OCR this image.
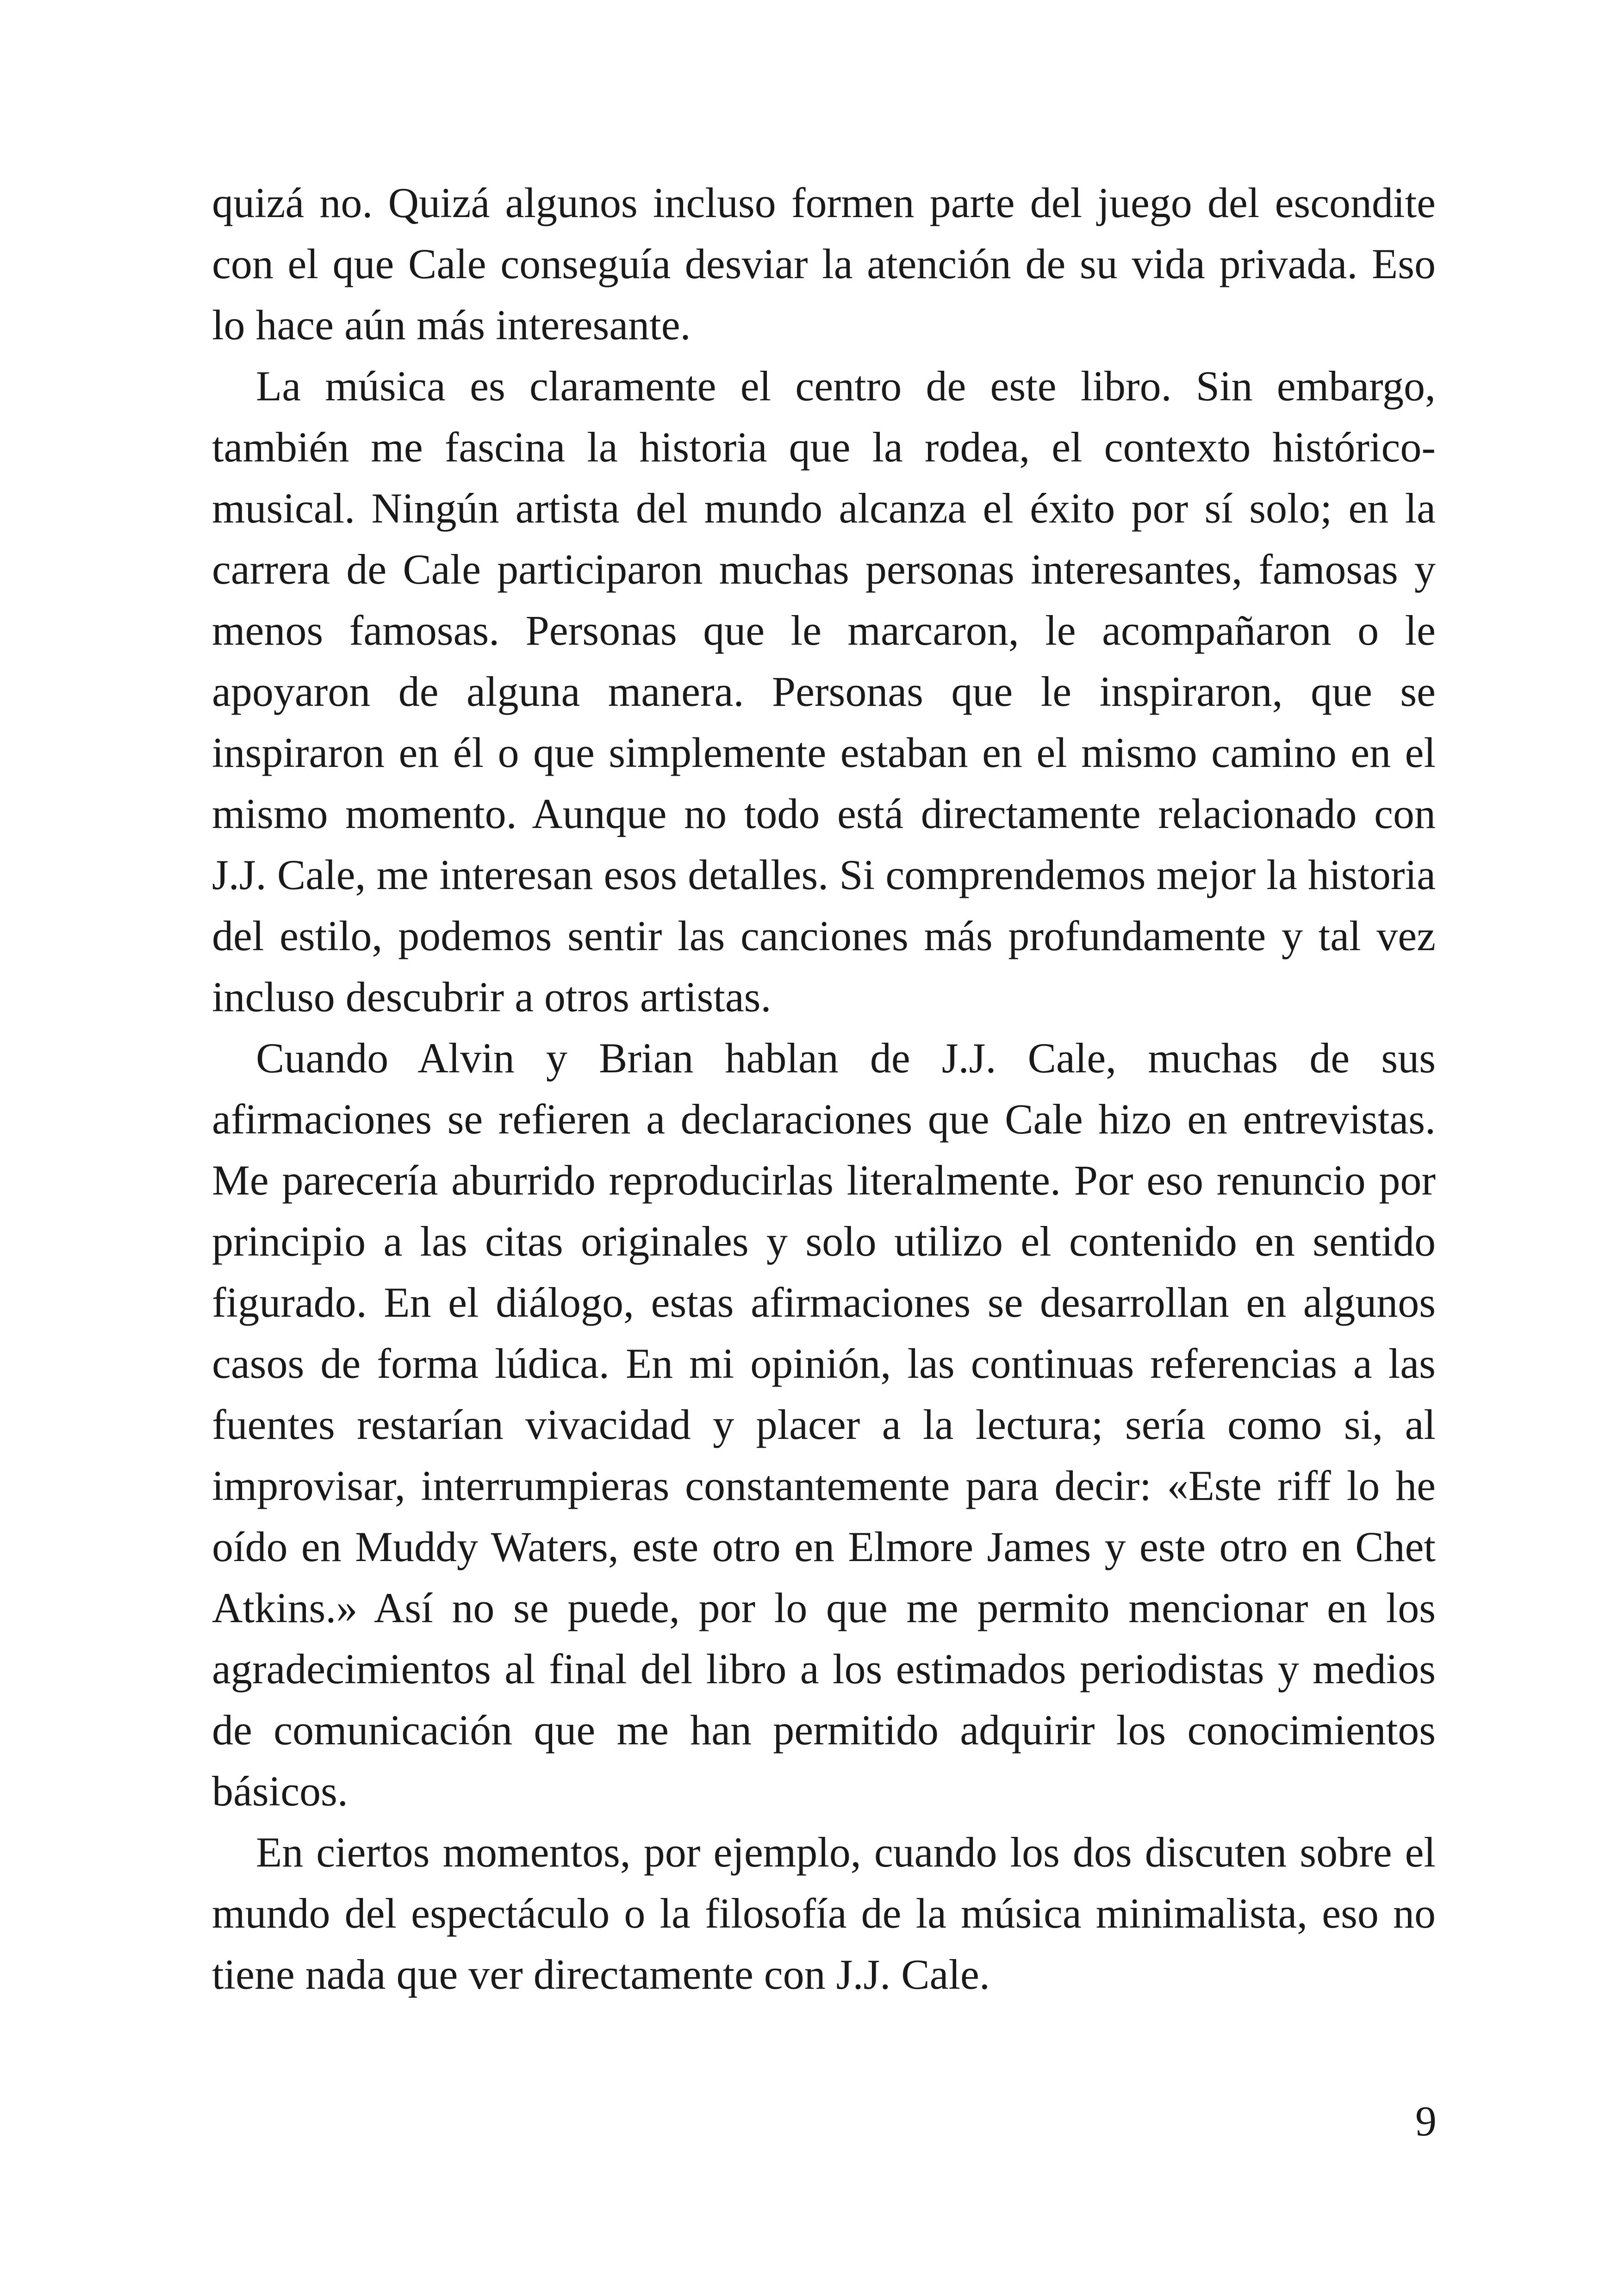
quizá no. Quizá algunos incluso formen parte del juego del escondite con el que Cale conseguía desviar la atención de su vida privada. Eso lo hace aún más interesante.

La música es claramente el centro de este libro. Sin embargo, también me fascina la historia que la rodea, el contexto histórico-musical. Ningún artista del mundo alcanza el éxito por sí solo; en la carrera de Cale participaron muchas personas interesantes, famosas y menos famosas. Personas que le marcaron, le acompañaron o le apoyaron de alguna manera. Personas que le inspiraron, que se inspiraron en él o que simplemente estaban en el mismo camino en el mismo momento. Aunque no todo está directamente relacionado con J.J. Cale, me interesan esos detalles. Si comprendemos mejor la historia del estilo, podemos sentir las canciones más profundamente y tal vez incluso descubrir a otros artistas.

Cuando Alvin y Brian hablan de J.J. Cale, muchas de sus afirmaciones se refieren a declaraciones que Cale hizo en entrevistas. Me parecería aburrido reproducirlas literalmente. Por eso renuncio por principio a las citas originales y solo utilizo el contenido en sentido figurado. En el diálogo, estas afirmaciones se desarrollan en algunos casos de forma lúdica. En mi opinión, las continuas referencias a las fuentes restarían vivacidad y placer a la lectura; sería como si, al improvisar, interrumpieras constantemente para decir: «Este riff lo he oído en Muddy Waters, este otro en Elmore James y este otro en Chet Atkins.» Así no se puede, por lo que me permito mencionar en los agradecimientos al final del libro a los estimados periodistas y medios de comunicación que me han permitido adquirir los conocimientos básicos.

En ciertos momentos, por ejemplo, cuando los dos discuten sobre el mundo del espectáculo o la filosofía de la música minimalista, eso no tiene nada que ver directamente con J.J. Cale.

9
